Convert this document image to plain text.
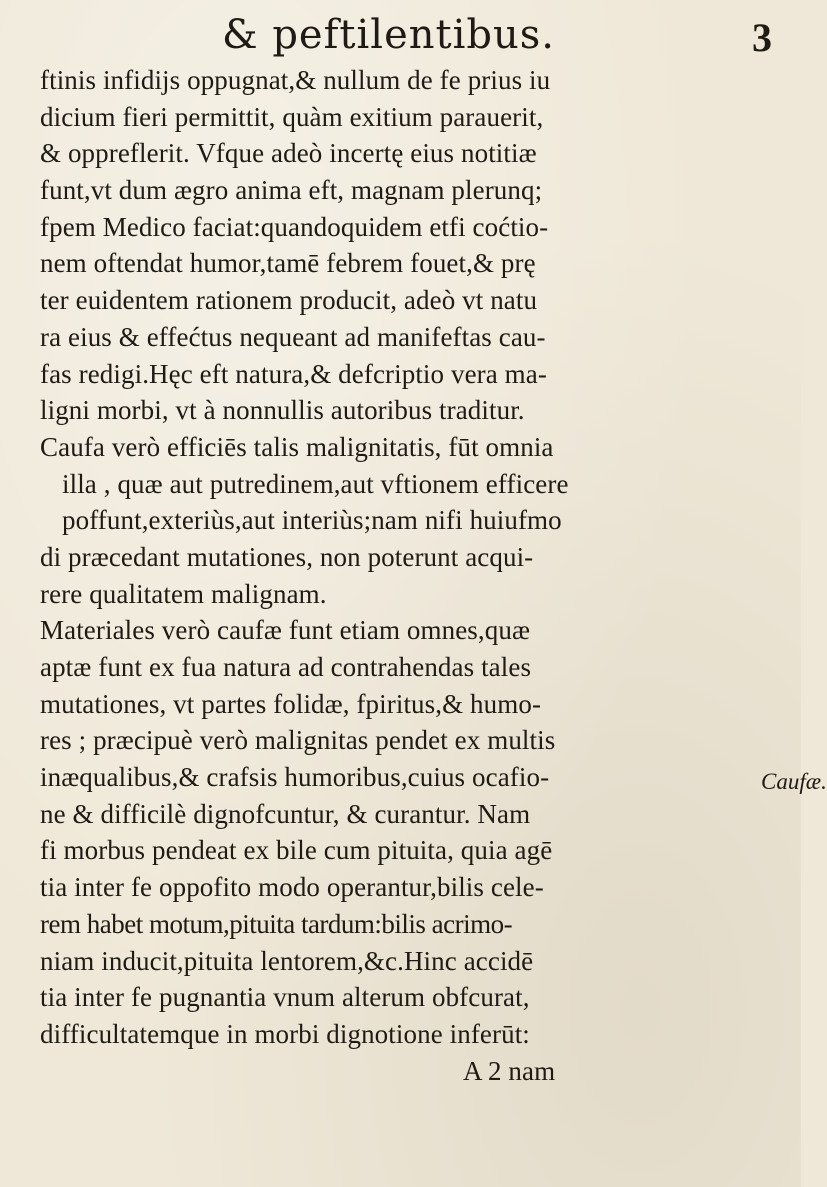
& peftilentibus.	3
ftinis infidijs oppugnat,& nullum de fe prius iu
dicium fieri permittit, quàm exitium parauerit,
& oppreflerit. Vfque adeò incertę eius notitiæ
funt,vt dum ægro anima eft, magnam plerunq;
fpem Medico faciat:quandoquidem etfi coćtio-
nem oftendat humor,tamē febrem fouet,& prę
ter euidentem rationem producit, adeò vt natu
ra eius & effećtus nequeant ad manifeftas cau-
fas redigi.Hęc eft natura,& defcriptio vera ma-
ligni morbi, vt à nonnullis autoribus traditur.
Caufa verò efficiēs talis malignitatis, fūt omnia
illa , quæ aut putredinem,aut vftionem efficere
poffunt,exteriùs,aut interiùs;nam nifi huiufmo
di præcedant mutationes, non poterunt acqui-
rere qualitatem malignam.
Materiales verò caufæ funt etiam omnes,quæ
aptæ funt ex fua natura ad contrahendas tales
mutationes, vt partes folidæ, fpiritus,& humo-
res ; præcipuè verò malignitas pendet ex multis
inæqualibus,& crafsis humoribus,cuius ocafio-
ne & difficilè dignofcuntur, & curantur. Nam
fi morbus pendeat ex bile cum pituita, quia agē
tia inter fe oppofito modo operantur,bilis cele-
rem habet motum,pituita tardum:bilis acrimo-
niam inducit,pituita lentorem,&c.Hinc accidē
tia inter fe pugnantia vnum alterum obfcurat,
difficultatemque in morbi dignotione inferūt:
A 2 nam
Caufæ.
